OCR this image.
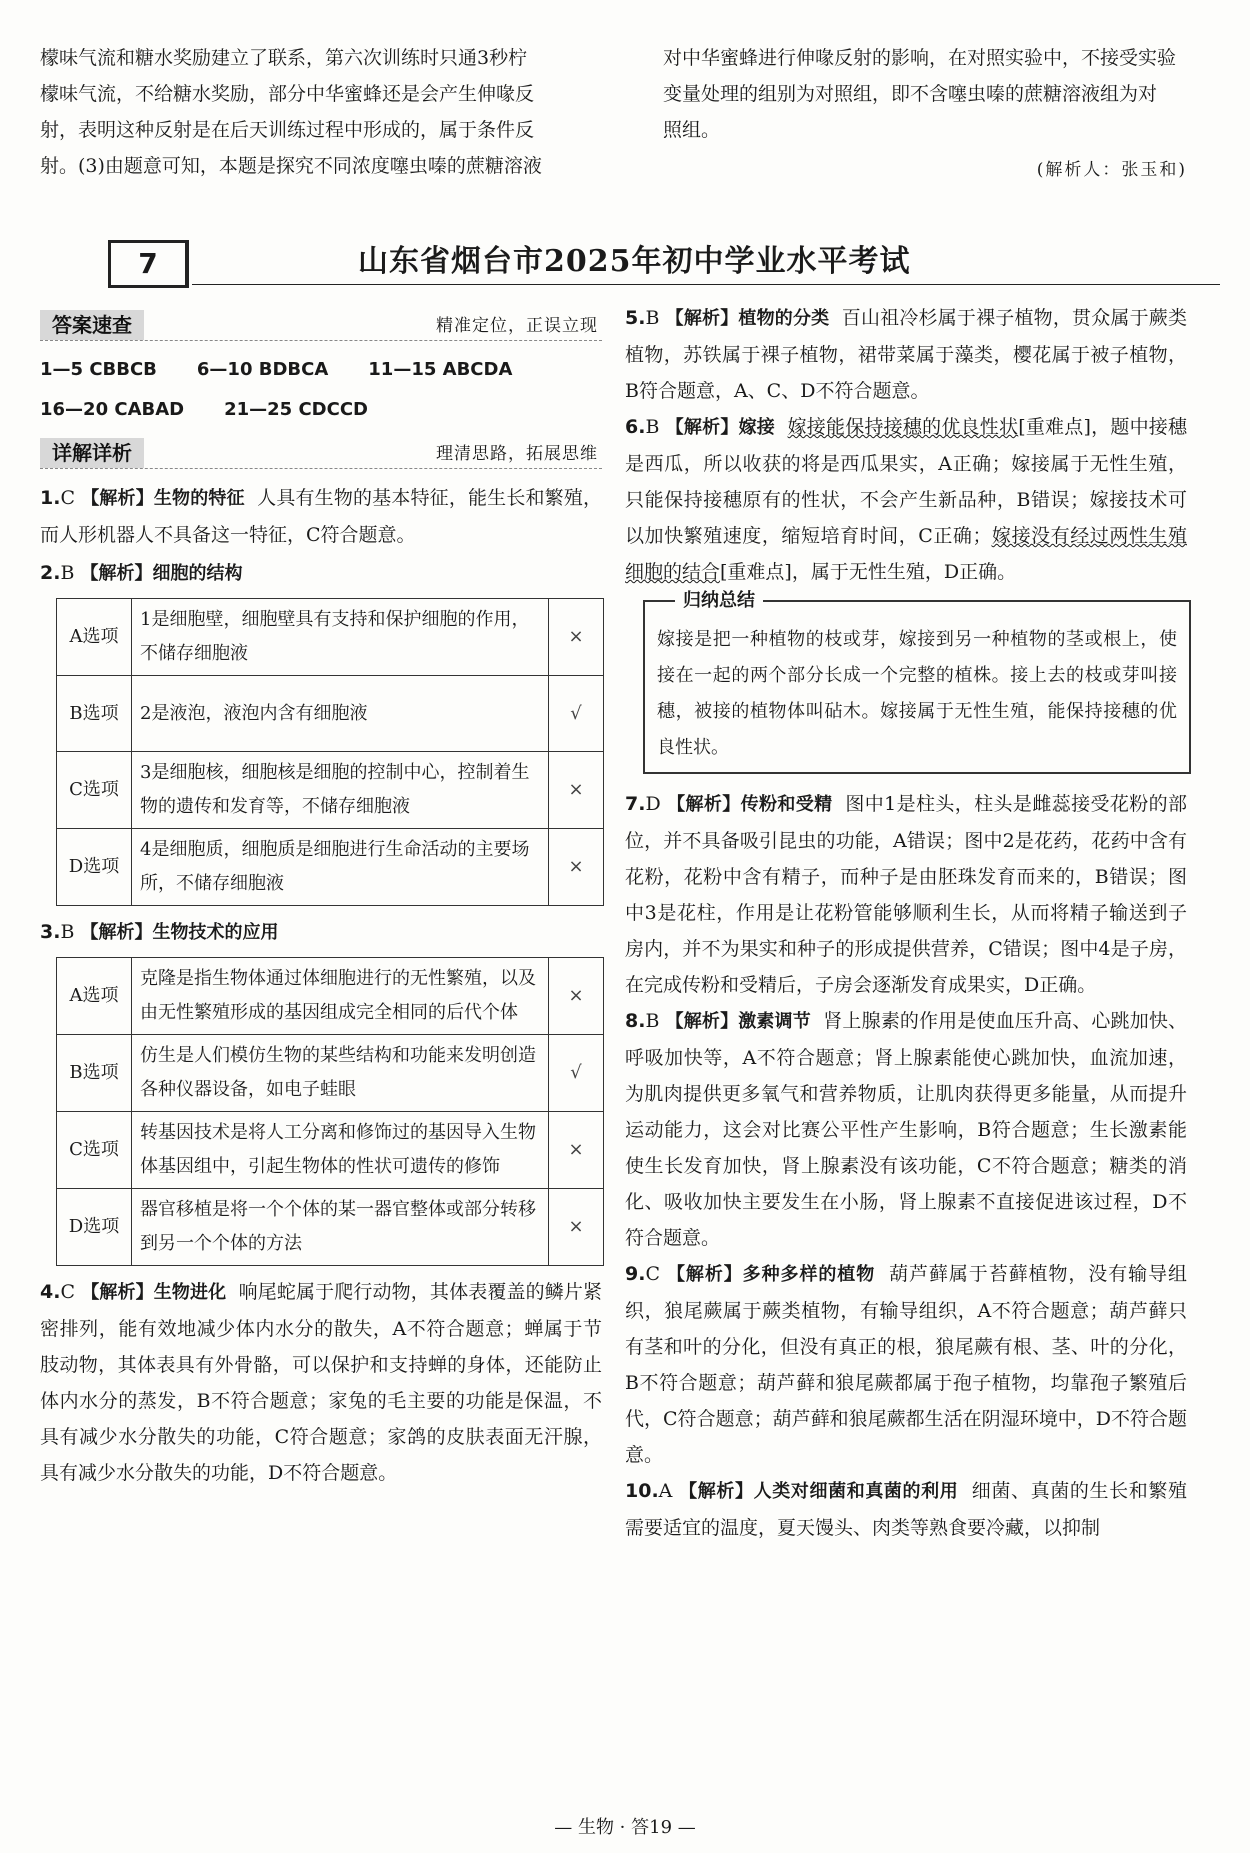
檬味气流和糖水奖励建立了联系，第六次训练时只通3秒柠

檬味气流，不给糖水奖励，部分中华蜜蜂还是会产生伸喙反

射，表明这种反射是在后天训练过程中形成的，属于条件反

射。(3)由题意可知，本题是探究不同浓度噻虫嗪的蔗糖溶液

对中华蜜蜂进行伸喙反射的影响，在对照实验中，不接受实验

变量处理的组别为对照组，即不含噻虫嗪的蔗糖溶液组为对

照组。

(解析人：张玉和)

7	山东省烟台市2025年初中学业水平考试
答案速查	精准定位，正误立现
1—5 CBBCB 6—10 BDBCA 11—15 ABCDA
16—20 CABAD 21—25 CDCCD
详解详析	理清思路，拓展思维

1.C 【解析】生物的特征 人具有生物的基本特征，能生长和繁殖，而人形机器人不具备这一特征，C符合题意。

2.B 【解析】细胞的结构

A选项	1是细胞壁，细胞壁具有支持和保护细胞的作用，不储存细胞液	×
B选项	2是液泡，液泡内含有细胞液	√
C选项	3是细胞核，细胞核是细胞的控制中心，控制着生物的遗传和发育等，不储存细胞液	×
D选项	4是细胞质，细胞质是细胞进行生命活动的主要场所，不储存细胞液	×

3.B 【解析】生物技术的应用

A选项	克隆是指生物体通过体细胞进行的无性繁殖，以及由无性繁殖形成的基因组成完全相同的后代个体	×
B选项	仿生是人们模仿生物的某些结构和功能来发明创造各种仪器设备，如电子蛙眼	√
C选项	转基因技术是将人工分离和修饰过的基因导入生物体基因组中，引起生物体的性状可遗传的修饰	×
D选项	器官移植是将一个个体的某一器官整体或部分转移到另一个个体的方法	×

4.C 【解析】生物进化 响尾蛇属于爬行动物，其体表覆盖的鳞片紧密排列，能有效地减少体内水分的散失，A不符合题意；蝉属于节肢动物，其体表具有外骨骼，可以保护和支持蝉的身体，还能防止体内水分的蒸发，B不符合题意；家兔的毛主要的功能是保温，不具有减少水分散失的功能，C符合题意；家鸽的皮肤表面无汗腺，具有减少水分散失的功能，D不符合题意。

5.B 【解析】植物的分类 百山祖冷杉属于裸子植物，贯众属于蕨类植物，苏铁属于裸子植物，裙带菜属于藻类，樱花属于被子植物，B符合题意，A、C、D不符合题意。

6.B 【解析】嫁接 嫁接能保持接穗的优良性状[重难点]，题中接穗是西瓜，所以收获的将是西瓜果实，A正确；嫁接属于无性生殖，只能保持接穗原有的性状，不会产生新品种，B错误；嫁接技术可以加快繁殖速度，缩短培育时间，C正确；嫁接没有经过两性生殖细胞的结合[重难点]，属于无性生殖，D正确。

归纳总结

嫁接是把一种植物的枝或芽，嫁接到另一种植物的茎或根上，使接在一起的两个部分长成一个完整的植株。接上去的枝或芽叫接穗，被接的植物体叫砧木。嫁接属于无性生殖，能保持接穗的优良性状。

7.D 【解析】传粉和受精 图中1是柱头，柱头是雌蕊接受花粉的部位，并不具备吸引昆虫的功能，A错误；图中2是花药，花药中含有花粉，花粉中含有精子，而种子是由胚珠发育而来的，B错误；图中3是花柱，作用是让花粉管能够顺利生长，从而将精子输送到子房内，并不为果实和种子的形成提供营养，C错误；图中4是子房，在完成传粉和受精后，子房会逐渐发育成果实，D正确。

8.B 【解析】激素调节 肾上腺素的作用是使血压升高、心跳加快、呼吸加快等，A不符合题意；肾上腺素能使心跳加快，血流加速，为肌肉提供更多氧气和营养物质，让肌肉获得更多能量，从而提升运动能力，这会对比赛公平性产生影响，B符合题意；生长激素能使生长发育加快，肾上腺素没有该功能，C不符合题意；糖类的消化、吸收加快主要发生在小肠，肾上腺素不直接促进该过程，D不符合题意。

9.C 【解析】多种多样的植物 葫芦藓属于苔藓植物，没有输导组织，狼尾蕨属于蕨类植物，有输导组织，A不符合题意；葫芦藓只有茎和叶的分化，但没有真正的根，狼尾蕨有根、茎、叶的分化，B不符合题意；葫芦藓和狼尾蕨都属于孢子植物，均靠孢子繁殖后代，C符合题意；葫芦藓和狼尾蕨都生活在阴湿环境中，D不符合题意。

10.A 【解析】人类对细菌和真菌的利用 细菌、真菌的生长和繁殖需要适宜的温度，夏天馒头、肉类等熟食要冷藏，以抑制

— 生物 · 答19 —
